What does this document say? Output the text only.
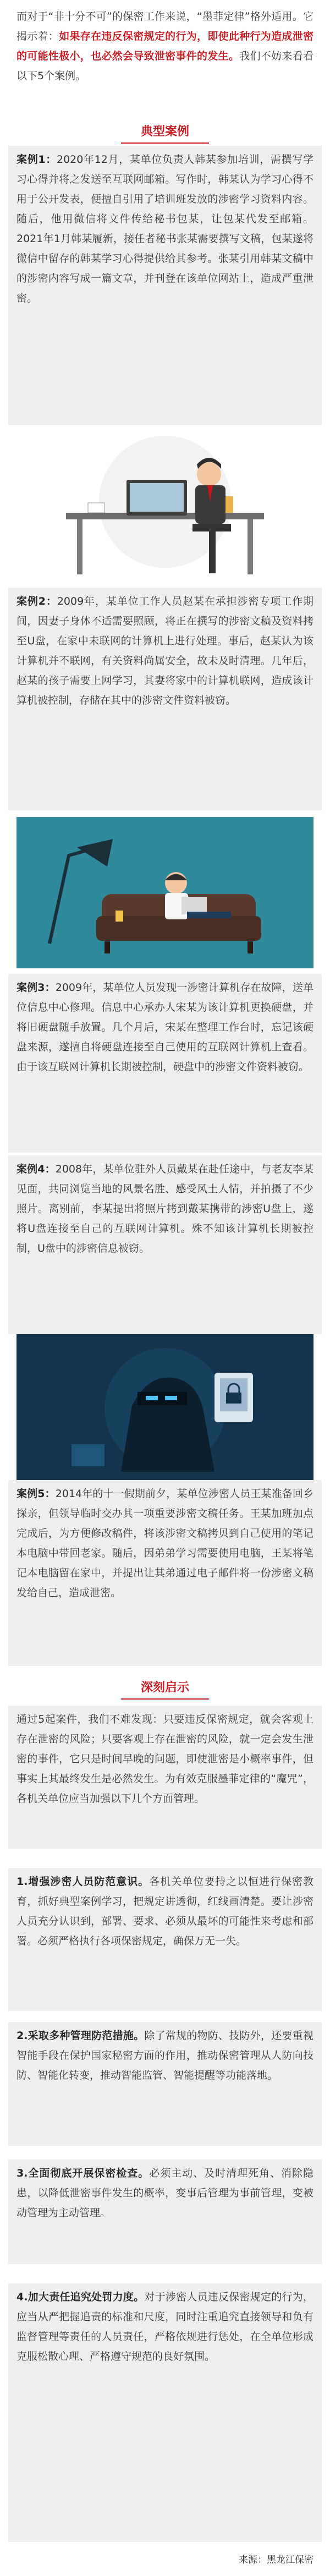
而对于“非十分不可”的保密工作来说，“墨菲定律”格外适用。它揭示着：如果存在违反保密规定的行为，即使此种行为造成泄密的可能性极小，也必然会导致泄密事件的发生。我们不妨来看看以下5个案例。

典型案例

案例1：2020年12月，某单位负责人韩某参加培训，需撰写学习心得并将之发送至互联网邮箱。写作时，韩某认为学习心得不用于公开发表，便擅自引用了培训班发放的涉密学习资料内容。随后，他用微信将文件传给秘书包某，让包某代发至邮箱。2021年1月韩某履新，接任者秘书张某需要撰写文稿，包某遂将微信中留存的韩某学习心得提供给其参考。张某引用韩某文稿中的涉密内容写成一篇文章，并刊登在该单位网站上，造成严重泄密。

案例2：2009年，某单位工作人员赵某在承担涉密专项工作期间，因妻子身体不适需要照顾，将正在撰写的涉密文稿及资料拷至U盘，在家中未联网的计算机上进行处理。事后，赵某认为该计算机并不联网，有关资料尚属安全，故未及时清理。几年后，赵某的孩子需要上网学习，其妻将家中的计算机联网，造成该计算机被控制，存储在其中的涉密文件资料被窃。

案例3：2009年，某单位人员发现一涉密计算机存在故障，送单位信息中心修理。信息中心承办人宋某为该计算机更换硬盘，并将旧硬盘随手放置。几个月后，宋某在整理工作台时，忘记该硬盘来源，遂擅自将硬盘连接至自己使用的互联网计算机上查看。由于该互联网计算机长期被控制，硬盘中的涉密文件资料被窃。

案例4：2008年，某单位驻外人员戴某在赴任途中，与老友李某见面，共同浏览当地的风景名胜、感受风土人情，并拍摄了不少照片。离别前，李某提出将照片拷到戴某携带的涉密U盘上，遂将U盘连接至自己的互联网计算机。殊不知该计算机长期被控制，U盘中的涉密信息被窃。

案例5：2014年的十一假期前夕，某单位涉密人员王某准备回乡探亲，但领导临时交办其一项重要涉密文稿任务。王某加班加点完成后，为方便修改稿件，将该涉密文稿拷贝到自己使用的笔记本电脑中带回老家。随后，因弟弟学习需要使用电脑，王某将笔记本电脑留在家中，并提出让其弟通过电子邮件将一份涉密文稿发给自己，造成泄密。

深刻启示

通过5起案件，我们不难发现：只要违反保密规定，就会客观上存在泄密的风险；只要客观上存在泄密的风险，就一定会发生泄密的事件，它只是时间早晚的问题，即使泄密是小概率事件，但事实上其最终发生是必然发生。为有效克服墨菲定律的“魔咒”，各机关单位应当加强以下几个方面管理。

1.增强涉密人员防范意识。各机关单位要持之以恒进行保密教育，抓好典型案例学习，把规定讲透彻，红线画清楚。要让涉密人员充分认识到，部署、要求、必须从最坏的可能性来考虑和部署。必须严格执行各项保密规定，确保万无一失。

2.采取多种管理防范措施。除了常规的物防、技防外，还要重视智能手段在保护国家秘密方面的作用，推动保密管理从人防向技防、智能化转变，推动智能监管、智能提醒等功能落地。

3.全面彻底开展保密检查。必须主动、及时清理死角、消除隐患，以降低泄密事件发生的概率，变事后管理为事前管理，变被动管理为主动管理。

4.加大责任追究处罚力度。对于涉密人员违反保密规定的行为，应当从严把握追责的标准和尺度，同时注重追究直接领导和负有监督管理等责任的人员责任，严格依规进行惩处，在全单位形成克服松散心理、严格遵守规范的良好氛围。

来源：黑龙江保密
